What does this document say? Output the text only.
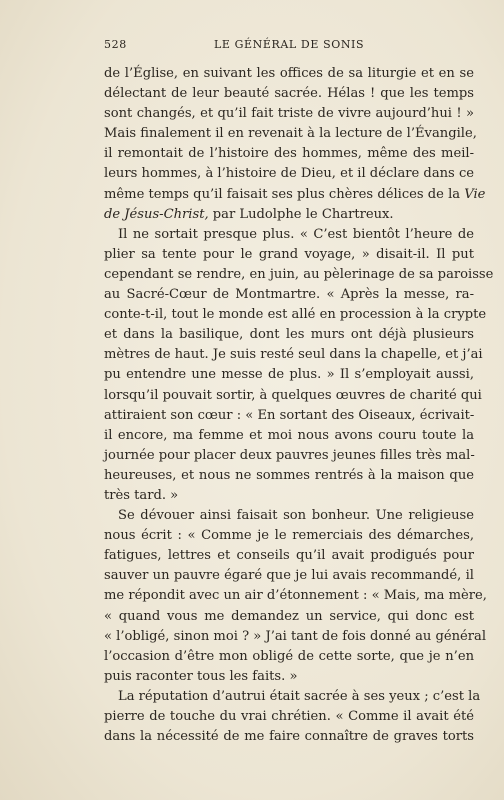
528	LE GÉNÉRAL DE SONIS
de l’Église, en suivant les offices de sa liturgie et en se
délectant de leur beauté sacrée. Hélas ! que les temps
sont changés, et qu’il fait triste de vivre aujourd’hui ! »
Mais finalement il en revenait à la lecture de l’Évangile,
il remontait de l’histoire des hommes, même des meil-
leurs hommes, à l’histoire de Dieu, et il déclare dans ce
même temps qu’il faisait ses plus chères délices de la Vie
de Jésus-Christ, par Ludolphe le Chartreux.
Il ne sortait presque plus. « C’est bientôt l’heure de
plier sa tente pour le grand voyage, » disait-il. Il put
cependant se rendre, en juin, au pèlerinage de sa paroisse
au Sacré-Cœur de Montmartre. « Après la messe, ra-
conte-t-il, tout le monde est allé en procession à la crypte
et dans la basilique, dont les murs ont déjà plusieurs
mètres de haut. Je suis resté seul dans la chapelle, et j’ai
pu entendre une messe de plus. » Il s’employait aussi,
lorsqu’il pouvait sortir, à quelques œuvres de charité qui
attiraient son cœur : « En sortant des Oiseaux, écrivait-
il encore, ma femme et moi nous avons couru toute la
journée pour placer deux pauvres jeunes filles très mal-
heureuses, et nous ne sommes rentrés à la maison que
très tard. »
Se dévouer ainsi faisait son bonheur. Une religieuse
nous écrit : « Comme je le remerciais des démarches,
fatigues, lettres et conseils qu’il avait prodigués pour
sauver un pauvre égaré que je lui avais recommandé, il
me répondit avec un air d’étonnement : « Mais, ma mère,
« quand vous me demandez un service, qui donc est
« l’obligé, sinon moi ? » J’ai tant de fois donné au général
l’occasion d’être mon obligé de cette sorte, que je n’en
puis raconter tous les faits. »
La réputation d’autrui était sacrée à ses yeux ; c’est la
pierre de touche du vrai chrétien. « Comme il avait été
dans la nécessité de me faire connaître de graves torts
